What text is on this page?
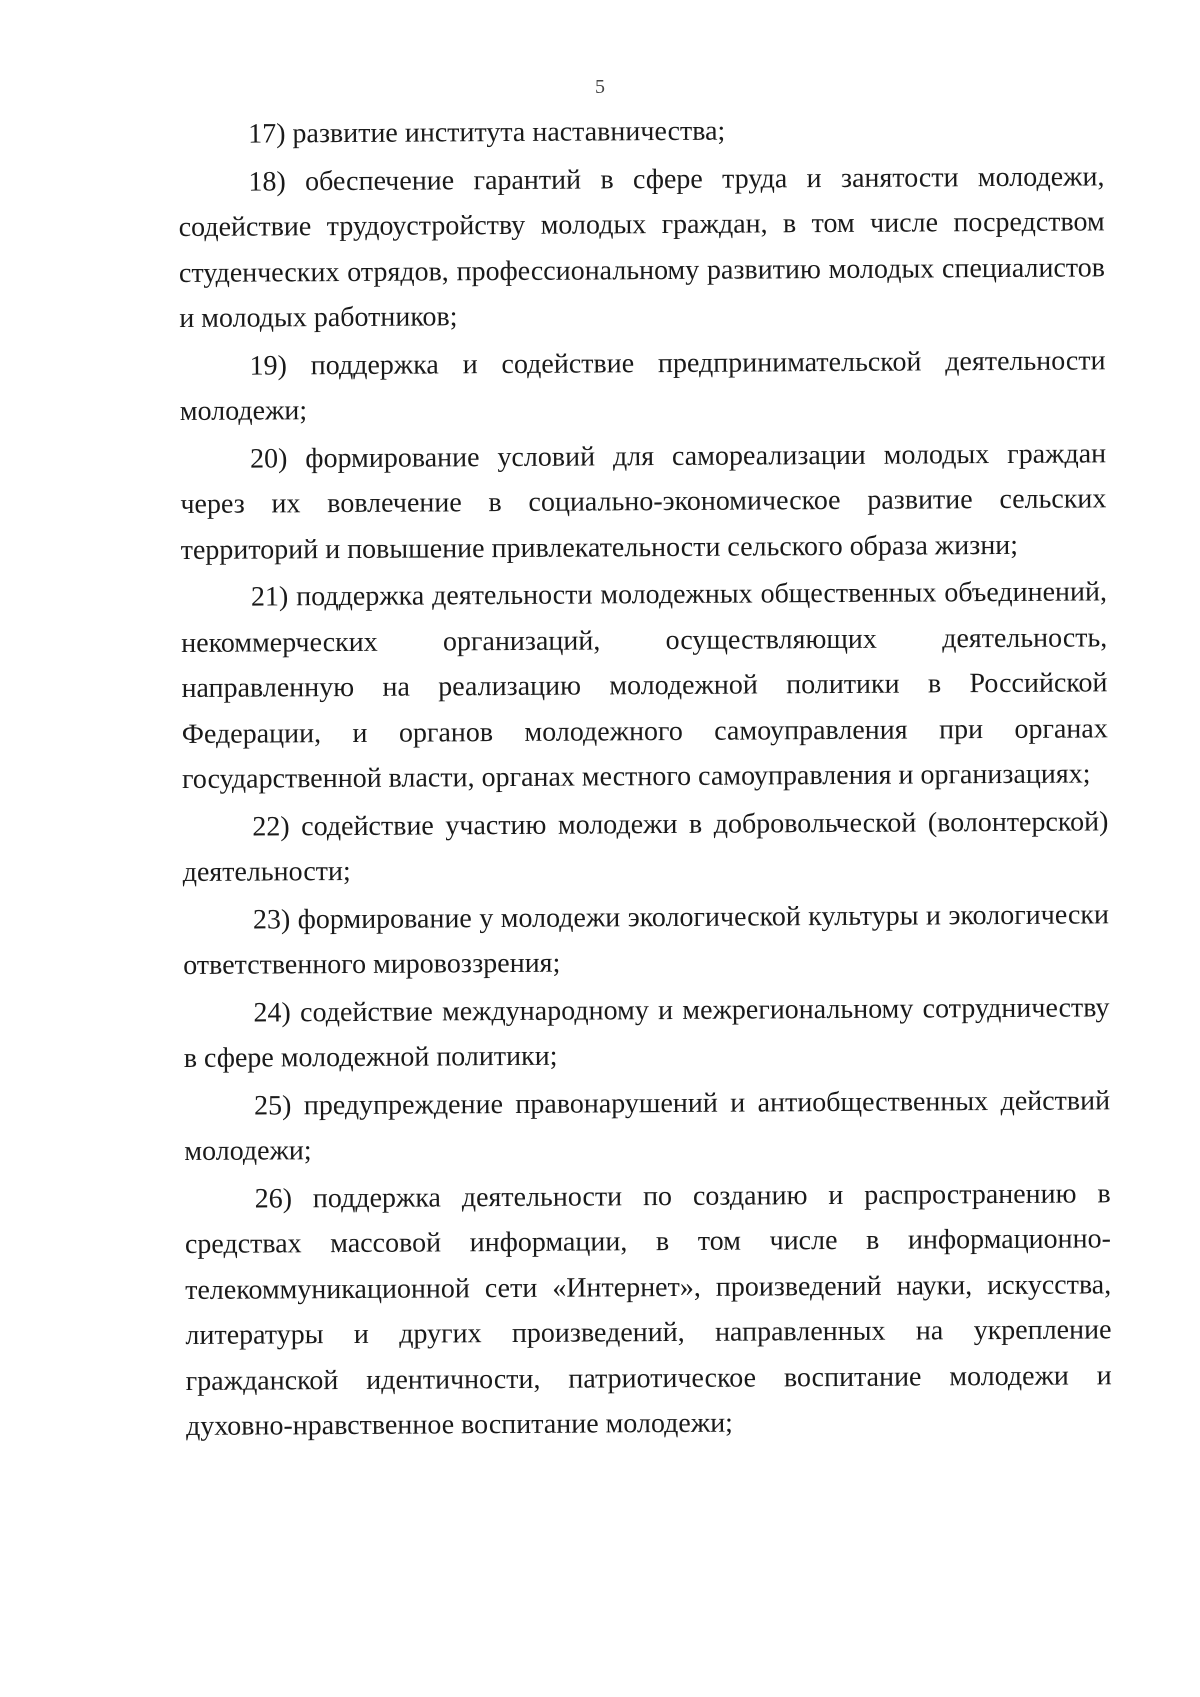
5

17) развитие института наставничества;

18) обеспечение гарантий в сфере труда и занятости молодежи, содействие трудоустройству молодых граждан, в том числе посредством студенческих отрядов, профессиональному развитию молодых специалистов и молодых работников;

19) поддержка и содействие предпринимательской деятельности молодежи;

20) формирование условий для самореализации молодых граждан через их вовлечение в социально-экономическое развитие сельских территорий и повышение привлекательности сельского образа жизни;

21) поддержка деятельности молодежных общественных объединений, некоммерческих организаций, осуществляющих деятельность, направленную на реализацию молодежной политики в Российской Федерации, и органов молодежного самоуправления при органах государственной власти, органах местного самоуправления и организациях;

22) содействие участию молодежи в добровольческой (волонтерской) деятельности;

23) формирование у молодежи экологической культуры и экологически ответственного мировоззрения;

24) содействие международному и межрегиональному сотрудничеству в сфере молодежной политики;

25) предупреждение правонарушений и антиобщественных действий молодежи;

26) поддержка деятельности по созданию и распространению в средствах массовой информации, в том числе в информационно-телекоммуникационной сети «Интернет», произведений науки, искусства, литературы и других произведений, направленных на укрепление гражданской идентичности, патриотическое воспитание молодежи и духовно-нравственное воспитание молодежи;
